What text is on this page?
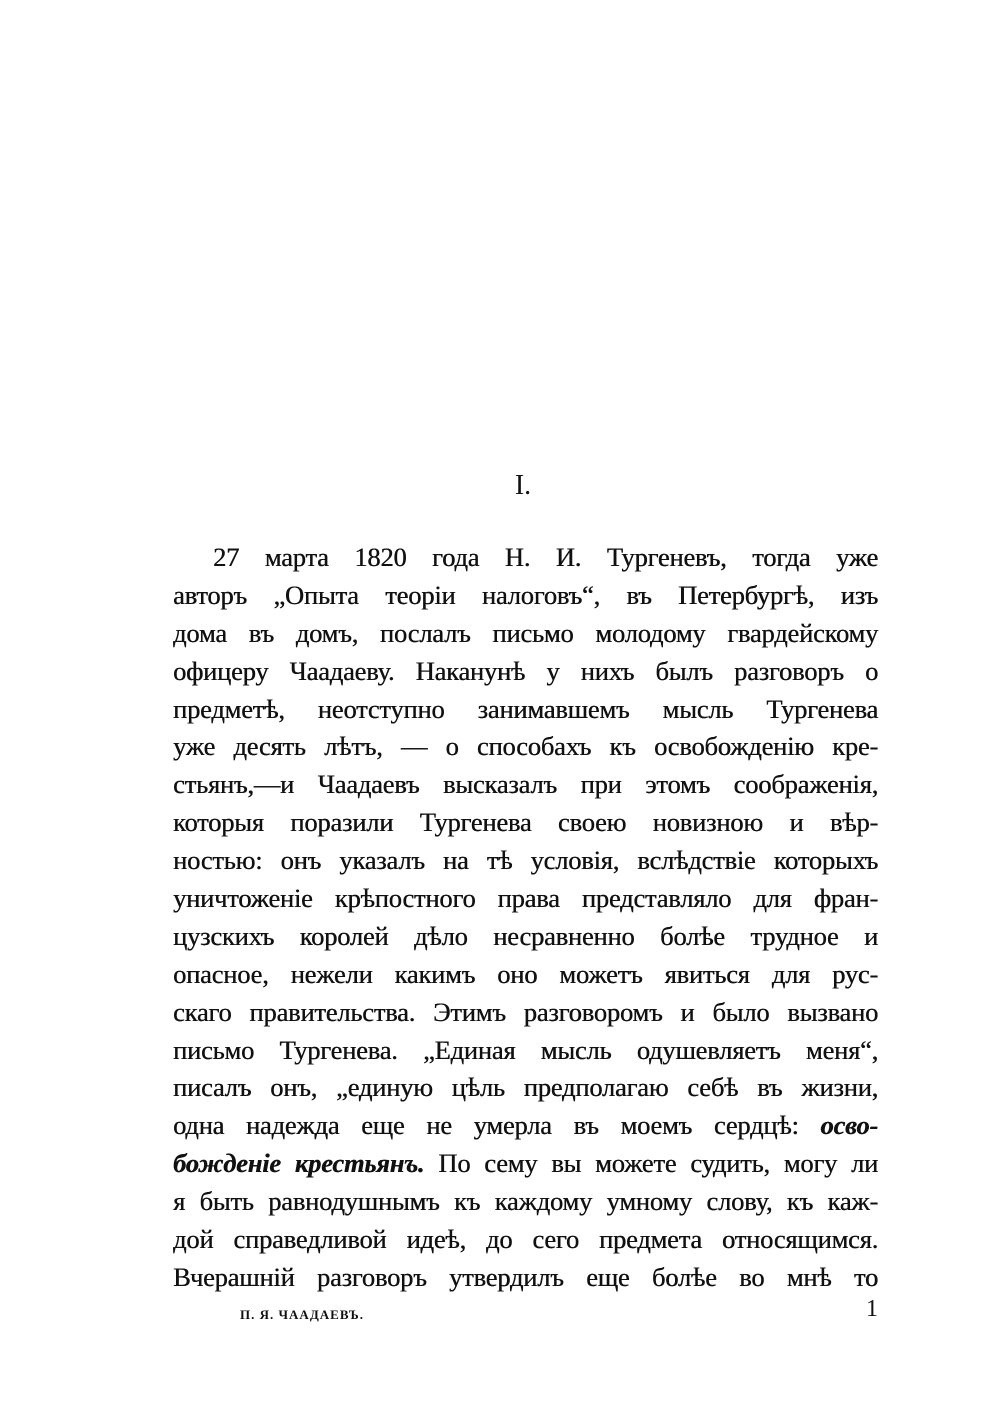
I.
27 марта 1820 года Н. И. Тургеневъ, тогда уже
авторъ „Опыта теоріи налоговъ“, въ Петербургѣ, изъ
дома въ домъ, послалъ письмо молодому гвардейскому
офицеру Чаадаеву. Наканунѣ у нихъ былъ разговоръ о
предметѣ, неотступно занимавшемъ мысль Тургенева
уже десять лѣтъ, — о способахъ къ освобожденію кре-
стьянъ,—и Чаадаевъ высказалъ при этомъ соображенія,
которыя поразили Тургенева своею новизною и вѣр-
ностью: онъ указалъ на тѣ условія, вслѣдствіе которыхъ
уничтоженіе крѣпостного права представляло для фран-
цузскихъ королей дѣло несравненно болѣе трудное и
опасное, нежели какимъ оно можетъ явиться для рус-
скаго правительства. Этимъ разговоромъ и было вызвано
письмо Тургенева. „Единая мысль одушевляетъ меня“,
писалъ онъ, „единую цѣль предполагаю себѣ въ жизни,
одна надежда еще не умерла въ моемъ сердцѣ: осво-
божденіе крестьянъ. По сему вы можете судить, могу ли
я быть равнодушнымъ къ каждому умному слову, къ каж-
дой справедливой идеѣ, до сего предмета относящимся.
Вчерашній разговоръ утвердилъ еще болѣе во мнѣ то
П. Я. ЧААДАЕВЪ.	1
